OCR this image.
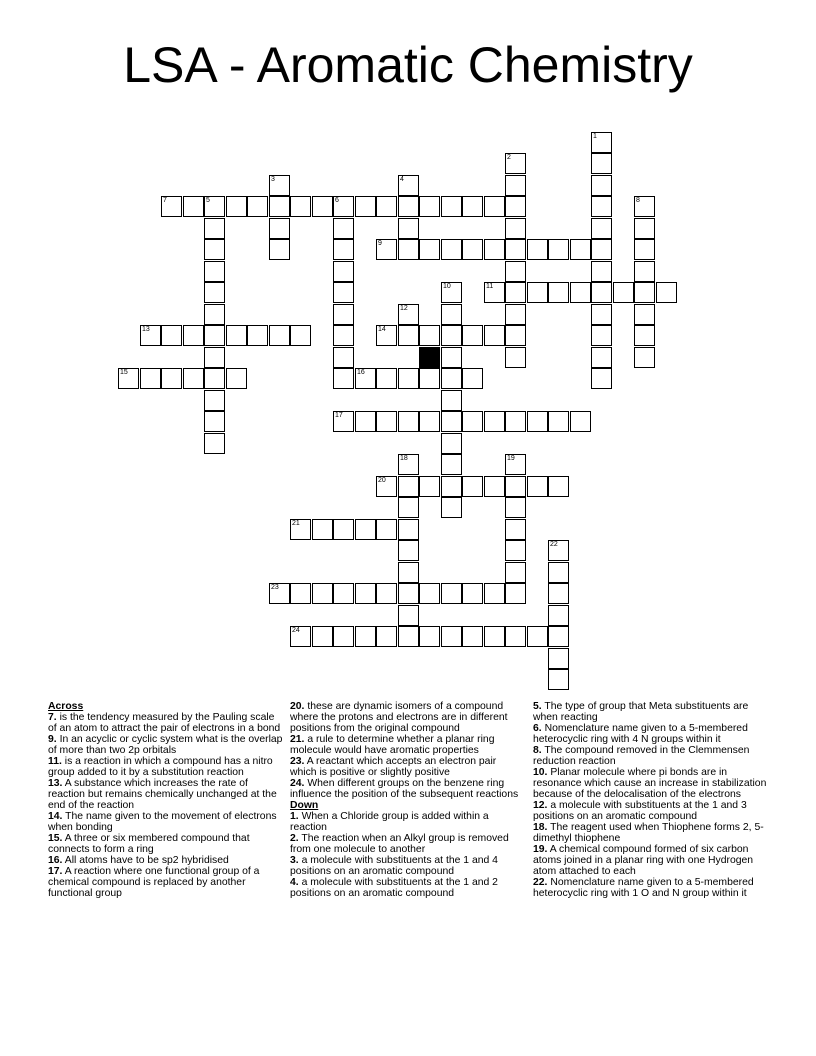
LSA - Aromatic Chemistry
7	5	6
9
11
13	14
15	16
17
20
21
23
24
1
2
3	4
8
10
12
18	19
22
Across

7. is the tendency measured by the Pauling scale of an atom to attract the pair of electrons in a bond

9. In an acyclic or cyclic system what is the overlap of more than two 2p orbitals

11. is a reaction in which a compound has a nitro group added to it by a substitution reaction

13. A substance which increases the rate of reaction but remains chemically unchanged at the end of the reaction

14. The name given to the movement of electrons when bonding

15. A three or six membered compound that connects to form a ring

16. All atoms have to be sp2 hybridised

17. A reaction where one functional group of a chemical compound is replaced by another functional group

20. these are dynamic isomers of a compound where the protons and electrons are in different positions from the original compound

21. a rule to determine whether a planar ring molecule would have aromatic properties

23. A reactant which accepts an electron pair which is positive or slightly positive

24. When different groups on the benzene ring influence the position of the subsequent reactions

Down

1. When a Chloride group is added within a reaction

2. The reaction when an Alkyl group is removed from one molecule to another

3. a molecule with substituents at the 1 and 4 positions on an aromatic compound

4. a molecule with substituents at the 1 and 2 positions on an aromatic compound

5. The type of group that Meta substituents are when reacting

6. Nomenclature name given to a 5-membered heterocyclic ring with 4 N groups within it

8. The compound removed in the Clemmensen reduction reaction

10. Planar molecule where pi bonds are in resonance which cause an increase in stabilization because of the delocalisation of the electrons

12. a molecule with substituents at the 1 and 3 positions on an aromatic compound

18. The reagent used when Thiophene forms 2, 5-dimethyl thiophene

19. A chemical compound formed of six carbon atoms joined in a planar ring with one Hydrogen atom attached to each

22. Nomenclature name given to a 5-membered heterocyclic ring with 1 O and N group within it
